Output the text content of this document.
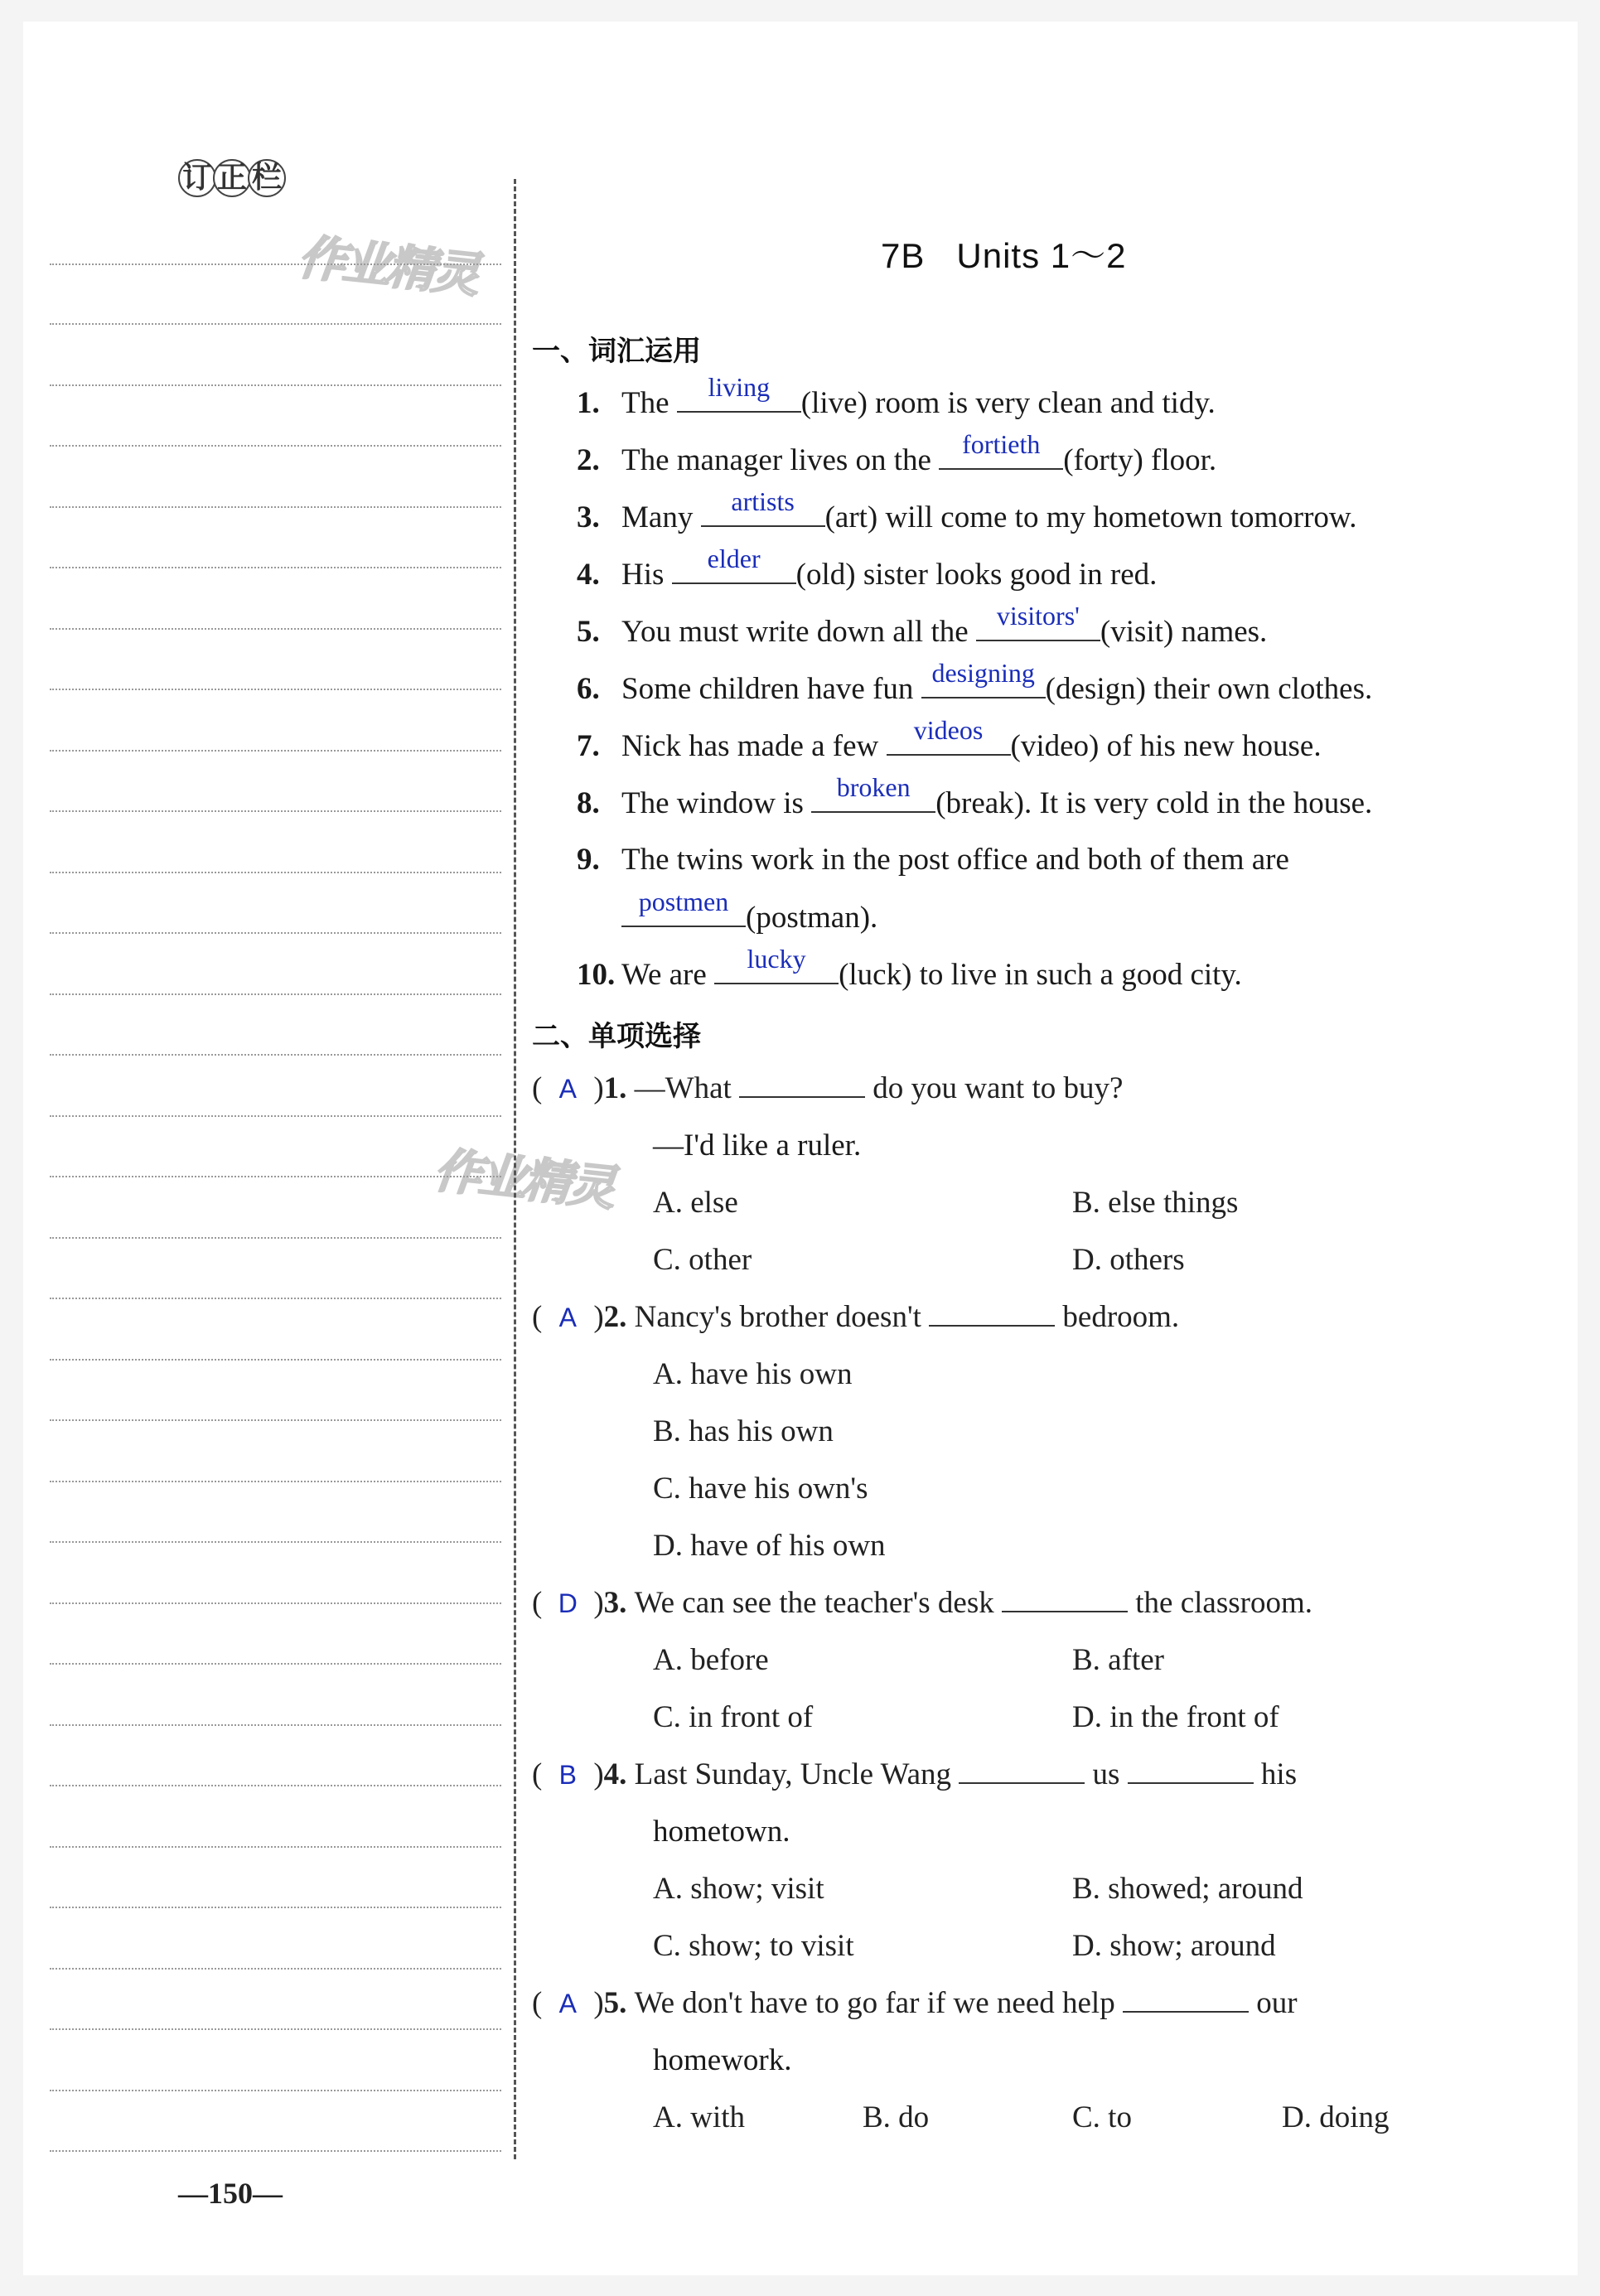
订 正 栏
作业精灵
作业精灵
7B   Units 1～2
一、词汇运用
1. The	living	(live) room is very clean and tidy.
2. The manager lives on the fortieth (forty) floor.
3. Many	artists (art) will come to my hometown tomorrow.
4. His	elder	(old) sister looks good in red.
5. You must write down all the visitors' (visit) names.
6. Some children have fun designing (design) their own clothes.
7. Nick has made a few	videos (video) of his new house.
8. The window is broken (break). It is very cold in the house.
9. The twins work in the post office and both of them are
postmen (postman).
10. We are	lucky	(luck) to live in such a good city.
二、单项选择
( A )1. —What	do you want to buy?
—I'd like a ruler.
A. else	B. else things
C. other	D. others
( A )2. Nancy's brother doesn't	bedroom.
A. have his own
B. has his own
C. have his own's
D. have of his own
( D )3. We can see the teacher's desk	the classroom.
A. before	B. after
C. in front of	D. in the front of
( B )4. Last Sunday, Uncle Wang	us	his
hometown.
A. show; visit	B. showed; around
C. show; to visit	D. show; around
( A )5. We don't have to go far if we need help	our
homework.
A. with	B. do	C. to	D. doing
—150—
